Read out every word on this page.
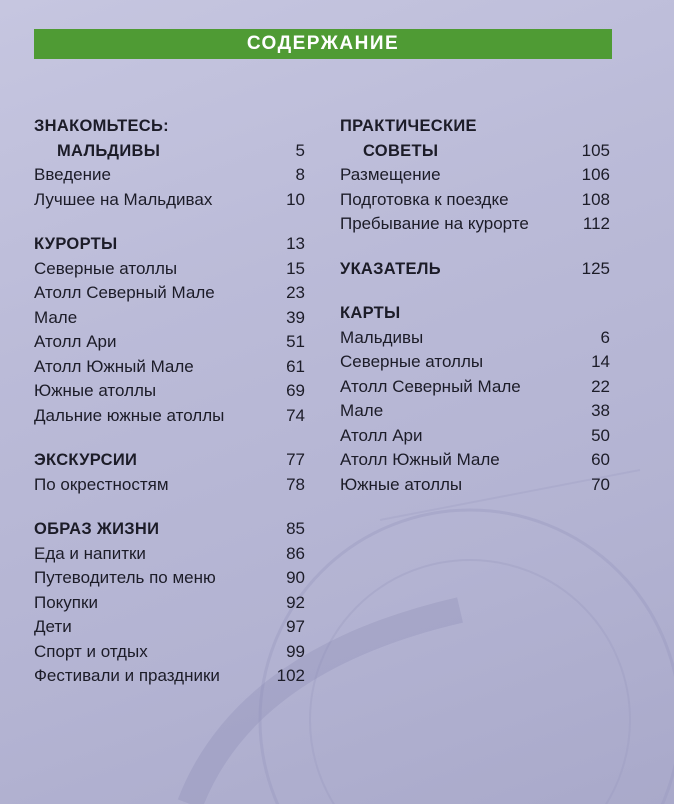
СОДЕРЖАНИЕ
ЗНАКОМЬТЕСЬ:
МАЛЬДИВЫ	5
Введение	8
Лучшее на Мальдивах	10
КУРОРТЫ	13
Северные атоллы	15
Атолл Северный Мале	23
Мале	39
Атолл Ари	51
Атолл Южный Мале	61
Южные атоллы	69
Дальние южные атоллы	74
ЭКСКУРСИИ	77
По окрестностям	78
ОБРАЗ ЖИЗНИ	85
Еда и напитки	86
Путеводитель по меню	90
Покупки	92
Дети	97
Спорт и отдых	99
Фестивали и праздники	102
ПРАКТИЧЕСКИЕ
СОВЕТЫ	105
Размещение	106
Подготовка к поездке	108
Пребывание на курорте	112
УКАЗАТЕЛЬ	125
КАРТЫ
Мальдивы	6
Северные атоллы	14
Атолл Северный Мале	22
Мале	38
Атолл Ари	50
Атолл Южный Мале	60
Южные атоллы	70
